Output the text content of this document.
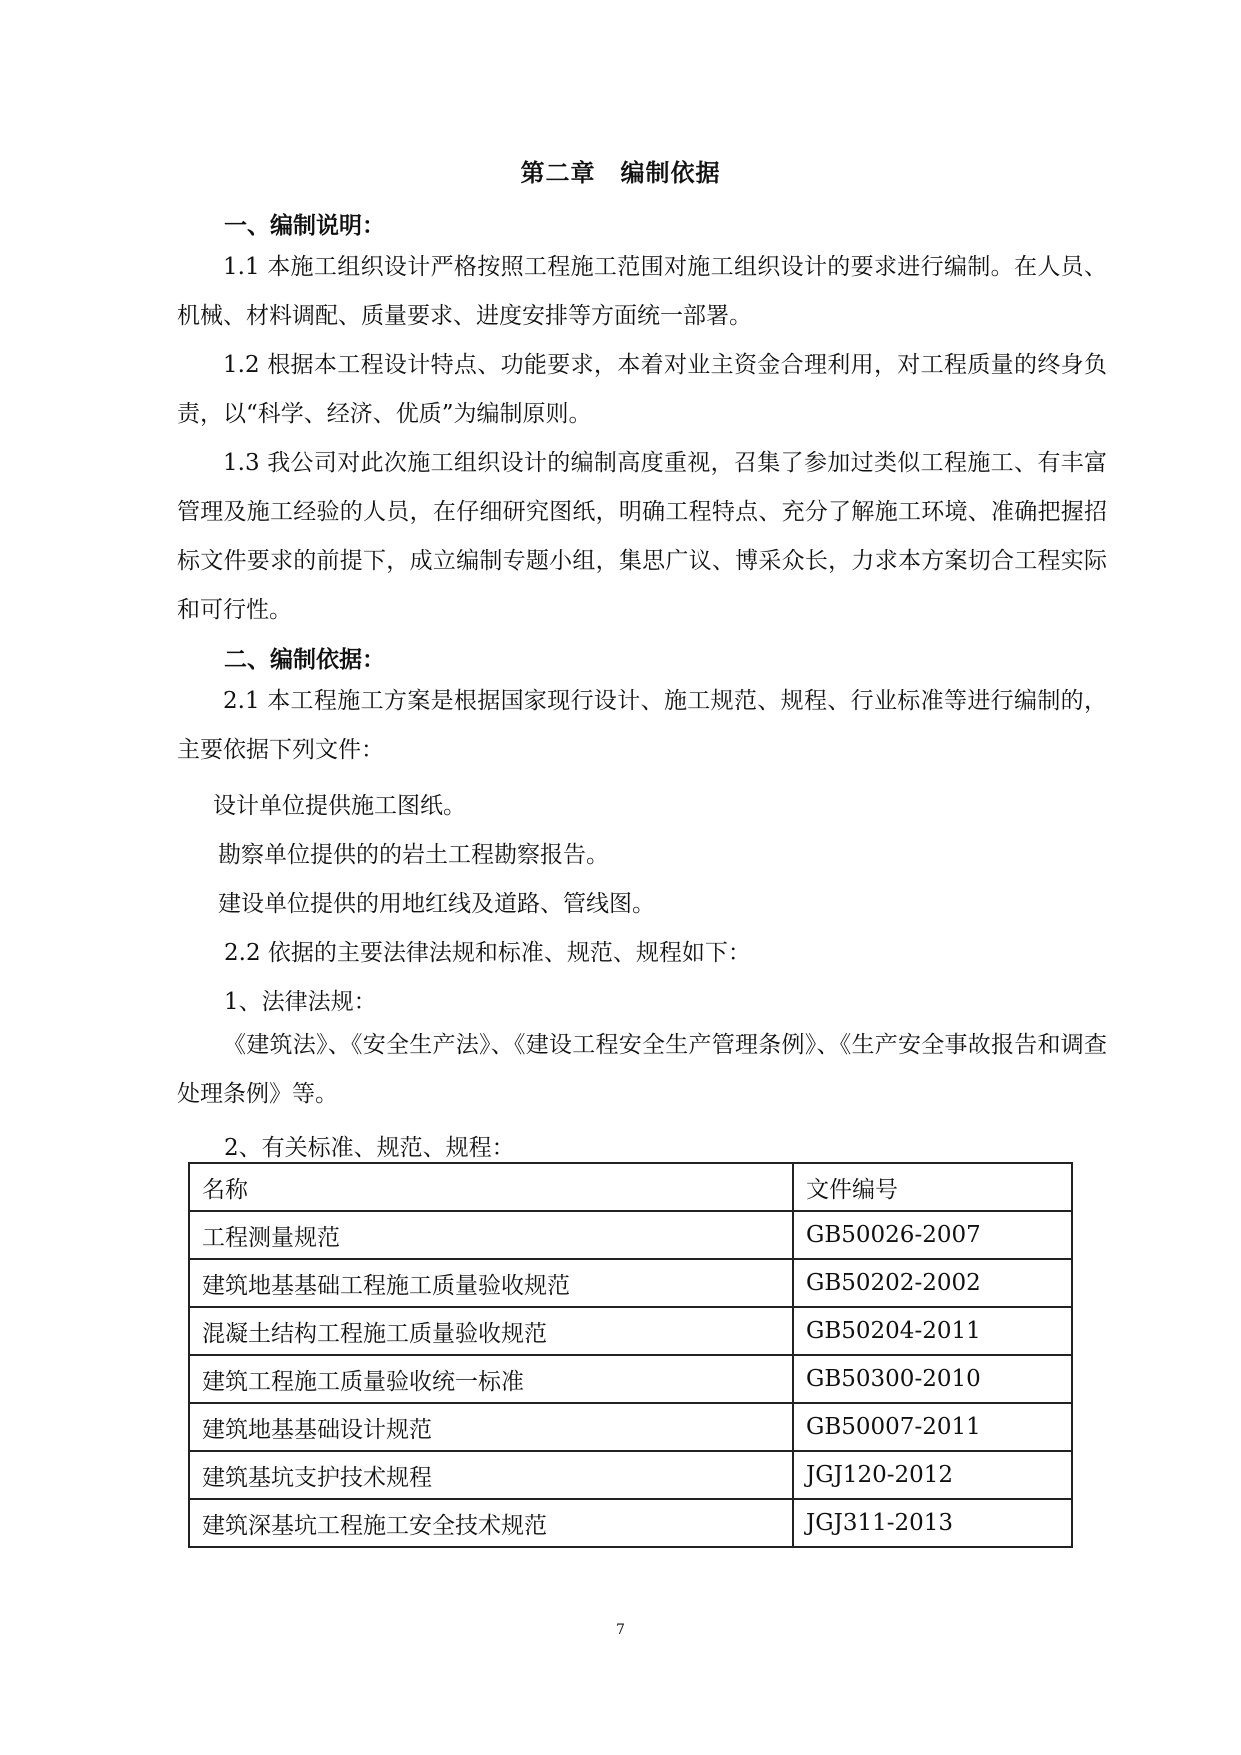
第二章　编制依据
一、编制说明：
1.1 本施工组织设计严格按照工程施工范围对施工组织设计的要求进行编制。在人员、机械、材料调配、质量要求、进度安排等方面统一部署。
1.2 根据本工程设计特点、功能要求，本着对业主资金合理利用，对工程质量的终身负责，以“科学、经济、优质”为编制原则。
1.3 我公司对此次施工组织设计的编制高度重视，召集了参加过类似工程施工、有丰富管理及施工经验的人员，在仔细研究图纸，明确工程特点、充分了解施工环境、准确把握招标文件要求的前提下，成立编制专题小组，集思广议、博采众长，力求本方案切合工程实际和可行性。
二、编制依据：
2.1 本工程施工方案是根据国家现行设计、施工规范、规程、行业标准等进行编制的，主要依据下列文件：
设计单位提供施工图纸。
勘察单位提供的的岩土工程勘察报告。
建设单位提供的用地红线及道路、管线图。
2.2 依据的主要法律法规和标准、规范、规程如下：
1、法律法规：
《建筑法》、《安全生产法》、《建设工程安全生产管理条例》、《生产安全事故报告和调查处理条例》等。
2、有关标准、规范、规程：
名称	文件编号
工程测量规范	GB50026-2007
建筑地基基础工程施工质量验收规范	GB50202-2002
混凝土结构工程施工质量验收规范	GB50204-2011
建筑工程施工质量验收统一标准	GB50300-2010
建筑地基基础设计规范	GB50007-2011
建筑基坑支护技术规程	JGJ120-2012
建筑深基坑工程施工安全技术规范	JGJ311-2013
7
